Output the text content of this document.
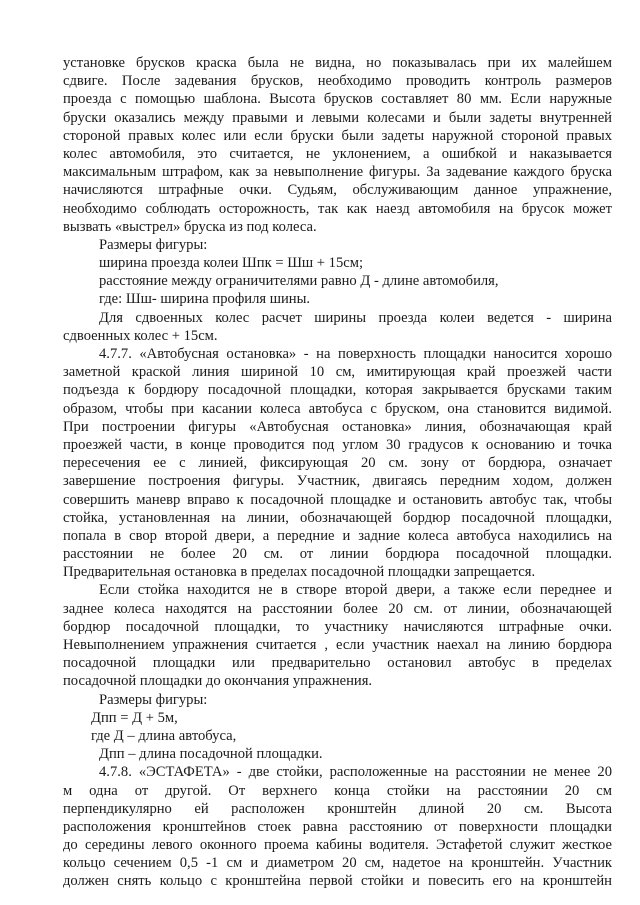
установке брусков краска была не видна, но показывалась при их малейшем
сдвиге. После задевания брусков, необходимо проводить контроль размеров
проезда с помощью шаблона. Высота брусков составляет 80 мм. Если наружные
бруски оказались между правыми и левыми колесами и были задеты внутренней
стороной правых колес или если бруски были задеты наружной стороной правых
колес автомобиля, это считается, не уклонением, а ошибкой и наказывается
максимальным штрафом, как за невыполнение фигуры. За задевание каждого бруска
начисляются штрафные очки. Судьям, обслуживающим данное упражнение,
необходимо соблюдать осторожность, так как наезд автомобиля на брусок может
вызвать «выстрел» бруска из под колеса.
Размеры фигуры:
ширина проезда колеи Шпк = Шш + 15см;
расстояние между ограничителями равно Д - длине автомобиля,
где: Шш- ширина профиля шины.
Для сдвоенных колес расчет ширины проезда колеи ведется - ширина
сдвоенных колес + 15см.
4.7.7. «Автобусная остановка» - на поверхность площадки наносится хорошо
заметной краской линия шириной 10 см, имитирующая край проезжей части
подъезда к бордюру посадочной площадки, которая закрывается брусками таким
образом, чтобы при касании колеса автобуса с бруском, она становится видимой.
При построении фигуры «Автобусная остановка» линия, обозначающая край
проезжей части, в конце проводится под углом 30 градусов к основанию и точка
пересечения ее с линией, фиксирующая 20 см. зону от бордюра, означает
завершение построения фигуры. Участник, двигаясь передним ходом, должен
совершить маневр вправо к посадочной площадке и остановить автобус так, чтобы
стойка, установленная на линии, обозначающей бордюр посадочной площадки,
попала в свор второй двери, а передние и задние колеса автобуса находились на
расстоянии не более 20 см. от линии бордюра посадочной площадки.
Предварительная остановка в пределах посадочной площадки запрещается.
Если стойка находится не в створе второй двери, а также если переднее и
заднее колеса находятся на расстоянии более 20 см. от линии, обозначающей
бордюр посадочной площадки, то участнику начисляются штрафные очки.
Невыполнением упражнения считается , если участник наехал на линию бордюра
посадочной площадки или предварительно остановил автобус в пределах
посадочной площадки до окончания упражнения.
Размеры фигуры:
Дпп = Д + 5м,
где Д – длина автобуса,
Дпп – длина посадочной площадки.
4.7.8. «ЭСТАФЕТА» - две стойки, расположенные на расстоянии не менее 20
м одна от другой. От верхнего конца стойки на расстоянии 20 см
перпендикулярно ей расположен кронштейн длиной 20 см. Высота
расположения кронштейнов стоек равна расстоянию от поверхности площадки
до середины левого оконного проема кабины водителя. Эстафетой служит жесткое
кольцо сечением 0,5 -1 см и диаметром 20 см, надетое на кронштейн. Участник
должен снять кольцо с кронштейна первой стойки и повесить его на кронштейн
